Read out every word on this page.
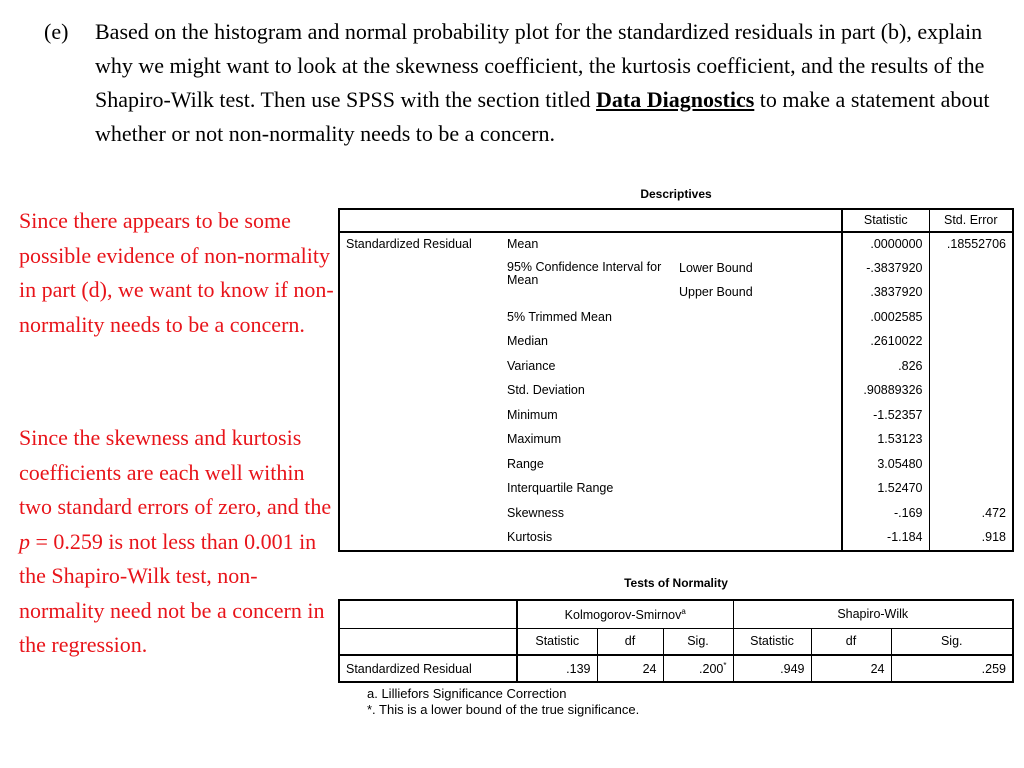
(e) Based on the histogram and normal probability plot for the standardized residuals in part (b), explain why we might want to look at the skewness coefficient, the kurtosis coefficient, and the results of the Shapiro-Wilk test. Then use SPSS with the section titled Data Diagnostics to make a statement about whether or not non-normality needs to be a concern.
Since there appears to be some possible evidence of non-normality in part (d), we want to know if non-normality needs to be a concern.
Since the skewness and kurtosis coefficients are each well within two standard errors of zero, and the p = 0.259 is not less than 0.001 in the Shapiro-Wilk test, non-normality need not be a concern in the regression.
Descriptives
			Statistic	Std. Error
Standardized Residual	Mean		.0000000	.18552706
	95% Confidence Interval for Mean	Lower Bound	-.3837920	
		Upper Bound	.3837920	
	5% Trimmed Mean		.0002585	
	Median		.2610022	
	Variance		.826	
	Std. Deviation		.90889326	
	Minimum		-1.52357	
	Maximum		1.53123	
	Range		3.05480	
	Interquartile Range		1.52470	
	Skewness		-.169	.472
	Kurtosis		-1.184	.918
Tests of Normality
	Kolmogorov-Smirnov$^a$			Shapiro-Wilk		
	Statistic	df	Sig.	Statistic	df	Sig.
Standardized Residual	.139	24	.200*	.949	24	.259
a. Lilliefors Significance Correction
*. This is a lower bound of the true significance.
